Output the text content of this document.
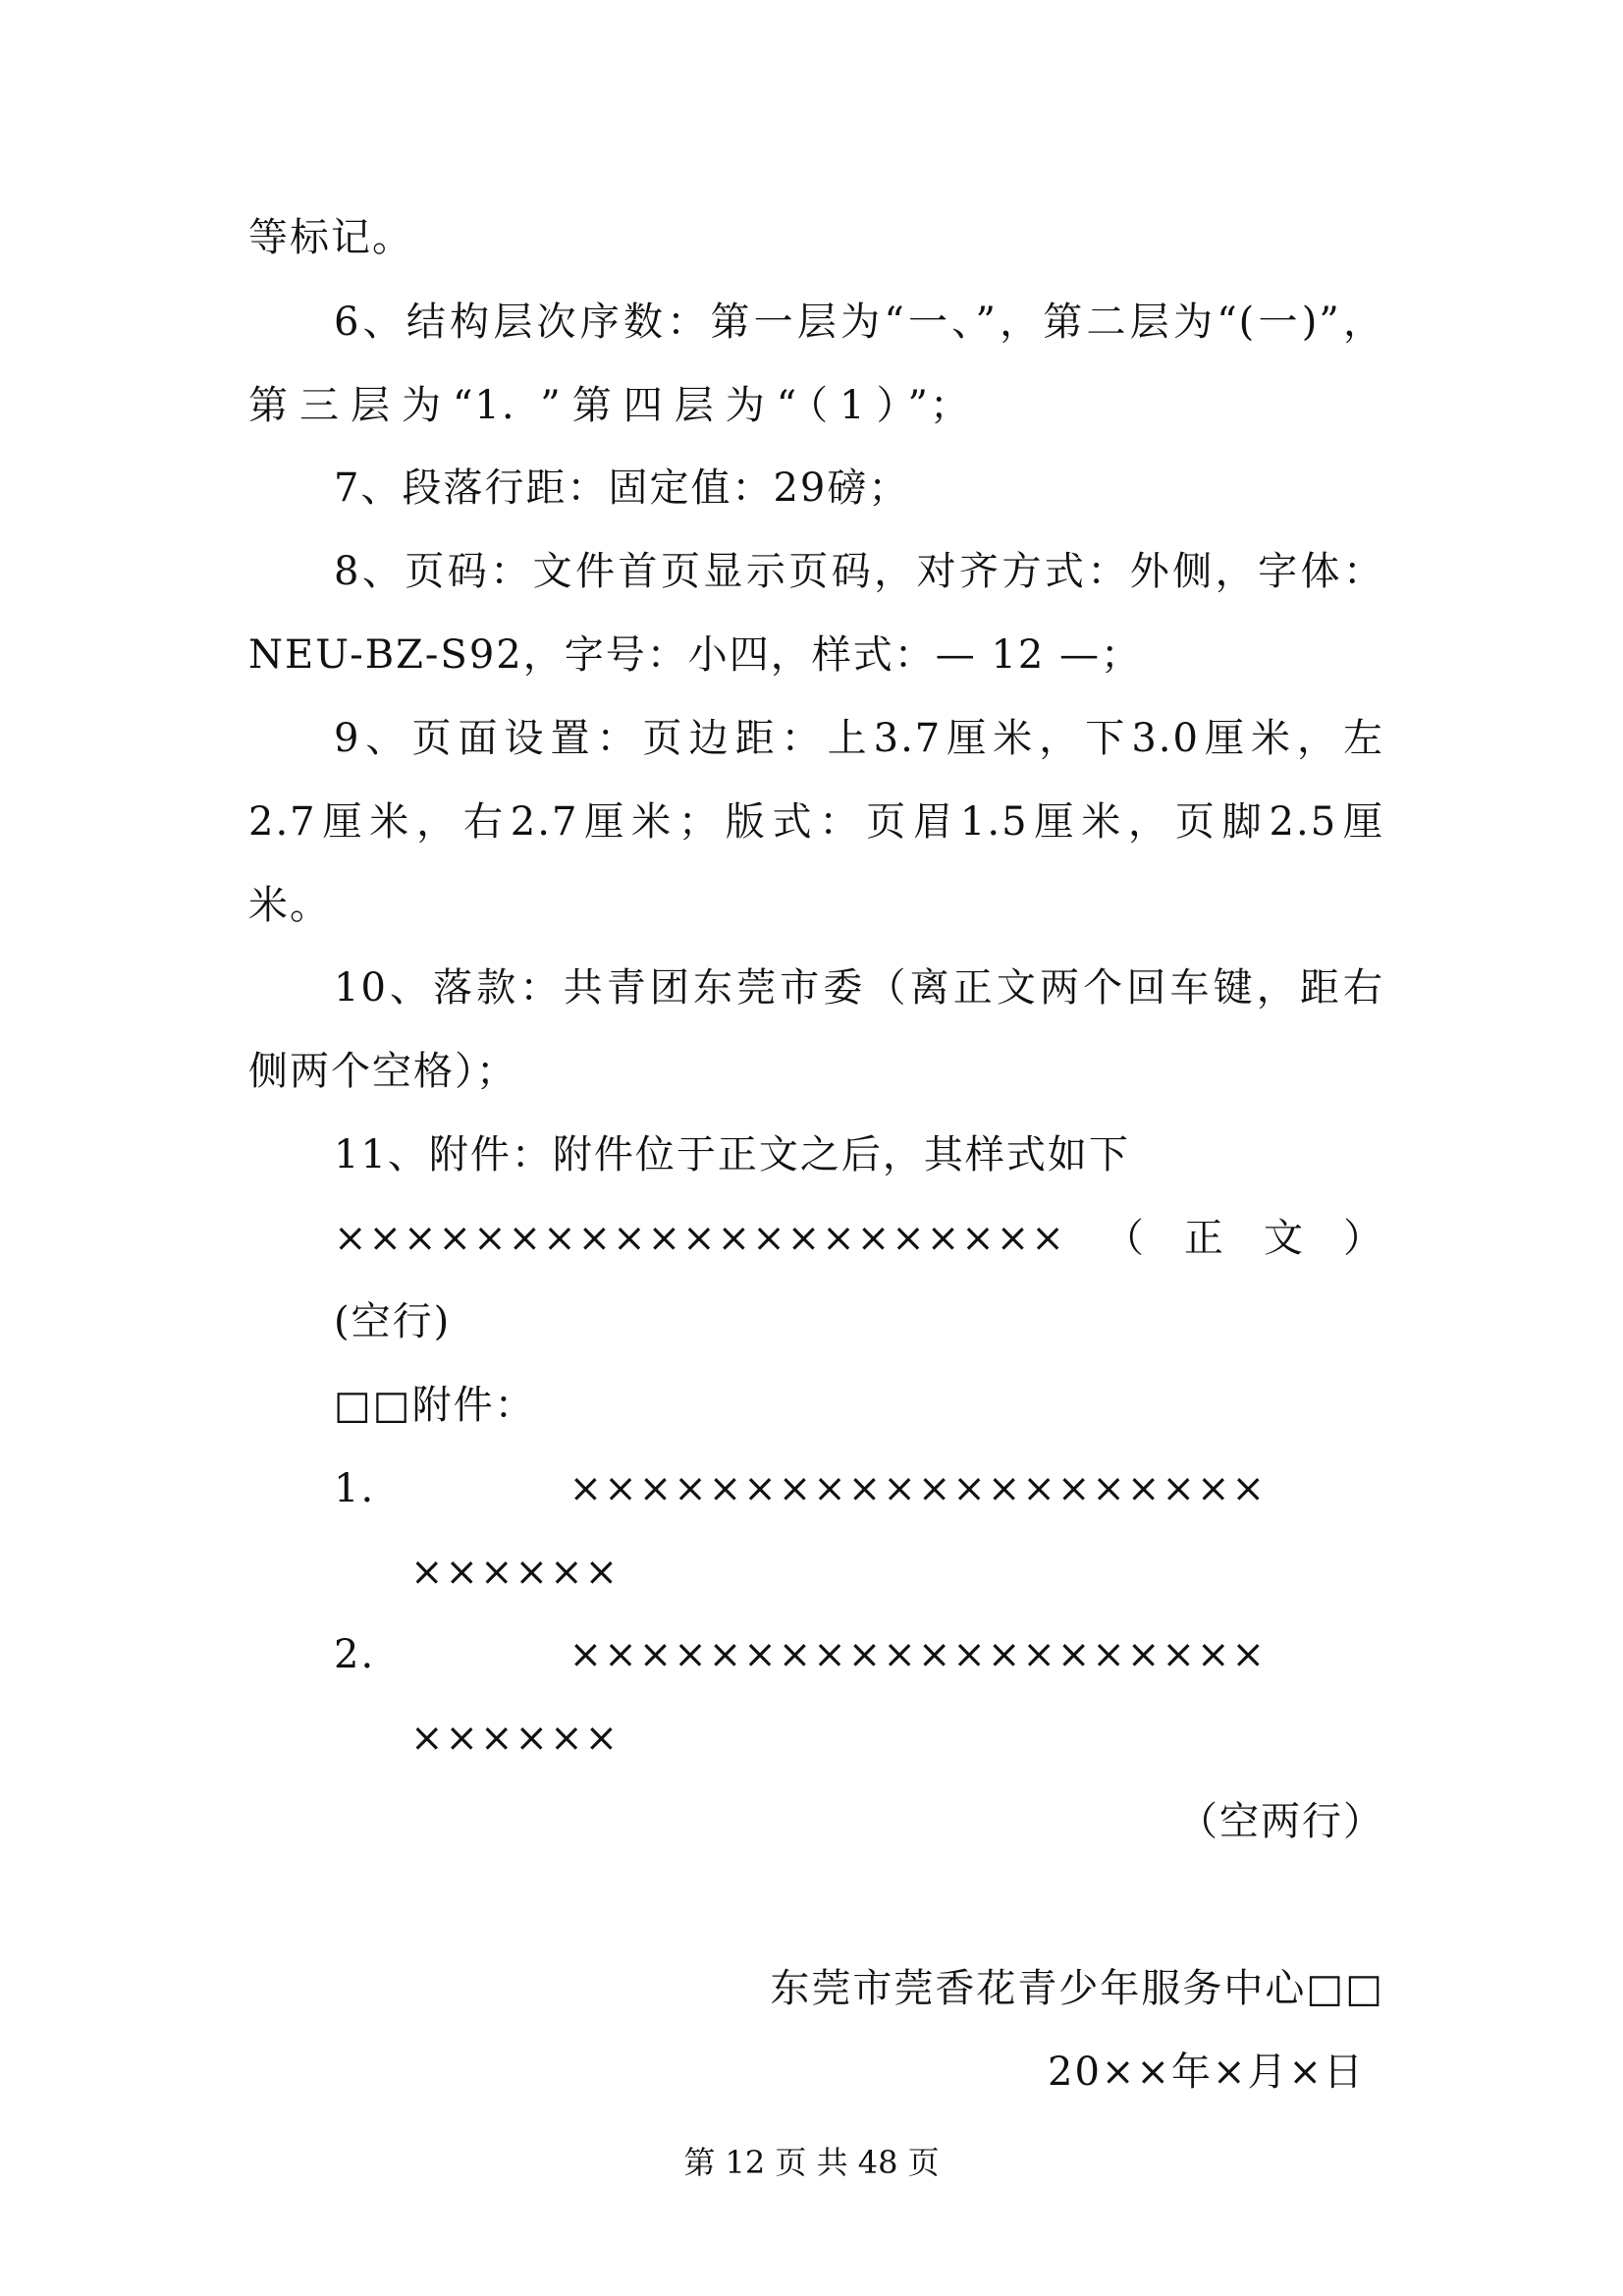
等标记。
6、结构层次序数：第一层为“一、”，第二层为“(一)”，
第三层为“1. ”第四层为“（1）”；
7、段落行距：固定值：29磅；
8、页码：文件首页显示页码，对齐方式：外侧，字体：
NEU-BZ-S92，字号：小四，样式：— 12 —；
9、页面设置：页边距：上3.7厘米，下3.0厘米，左
2.7厘米，右2.7厘米；版式：页眉1.5厘米，页脚2.5厘
米。
10、落款：共青团东莞市委（离正文两个回车键，距右
侧两个空格）；
11、附件：附件位于正文之后，其样式如下
×××××××××××××××××××××（正文）
(空行)
□□附件：
1. ××××××××××××××××××××
××××××
2. ××××××××××××××××××××
××××××
（空两行）
东莞市莞香花青少年服务中心□□
20××年×月×日
第 12 页 共 48 页
